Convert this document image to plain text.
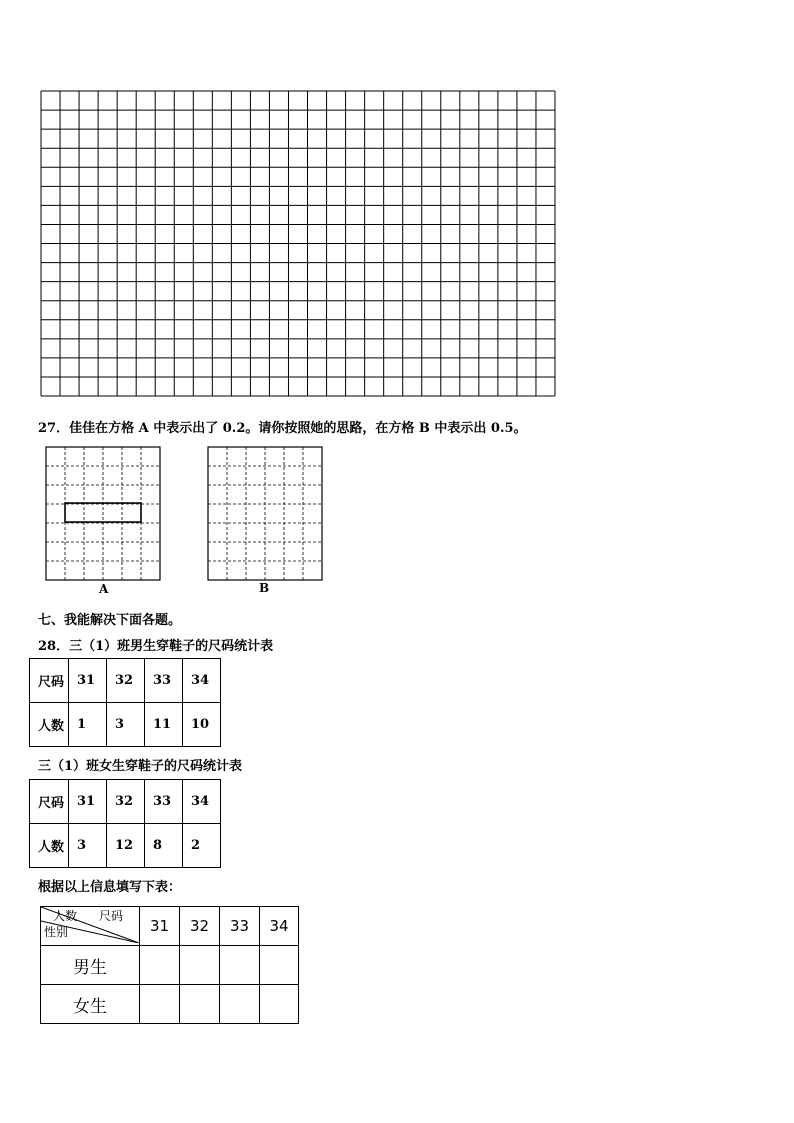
27．佳佳在方格 A 中表示出了 0.2。请你按照她的思路，在方格 B 中表示出 0.5。
A	B
七、我能解决下面各题。
28．三（1）班男生穿鞋子的尺码统计表
尺码	31	32	33	34
人数	1	3	11	10
三（1）班女生穿鞋子的尺码统计表
尺码	31	32	33	34
人数	3	12	8	2
根据以上信息填写下表：
人数 尺码
性别	31	32	33	34
男生				
女生				
